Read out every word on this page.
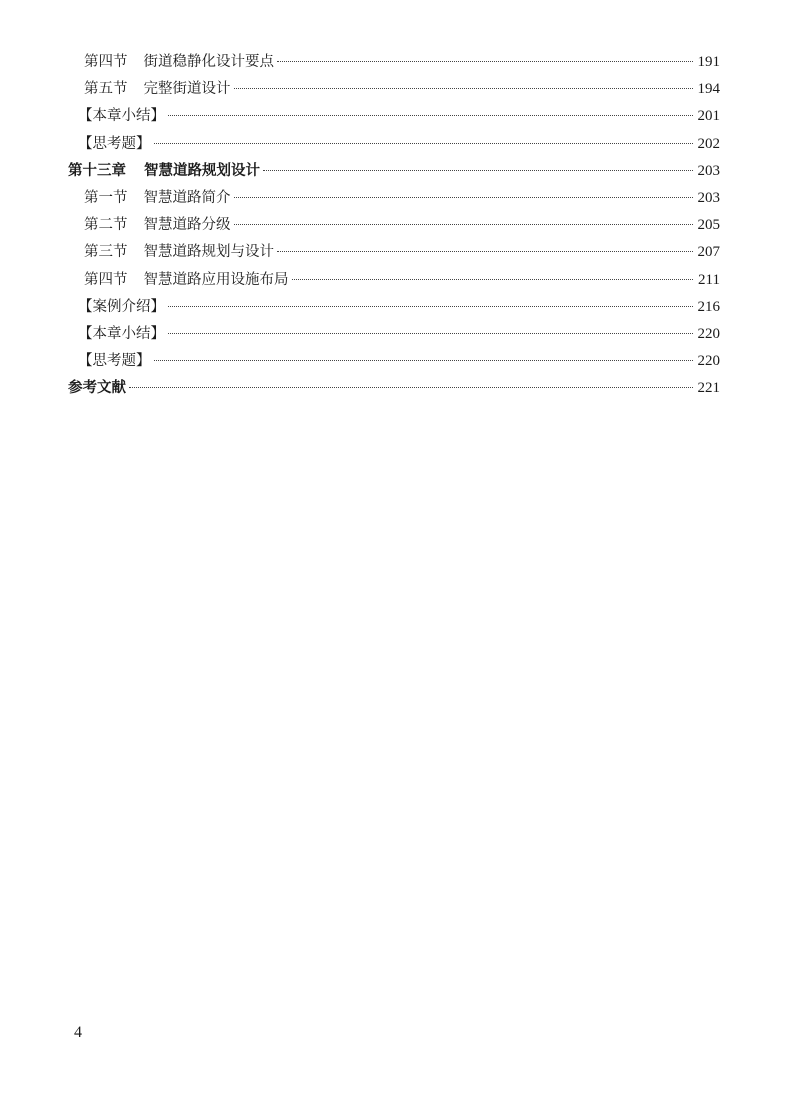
第四节 街道稳静化设计要点	191
第五节 完整街道设计	194
【本章小结】	201
【思考题】	202
第十三章 智慧道路规划设计	203
第一节 智慧道路简介	203
第二节 智慧道路分级	205
第三节 智慧道路规划与设计	207
第四节 智慧道路应用设施布局	211
【案例介绍】	216
【本章小结】	220
【思考题】	220
参考文献	221
4
